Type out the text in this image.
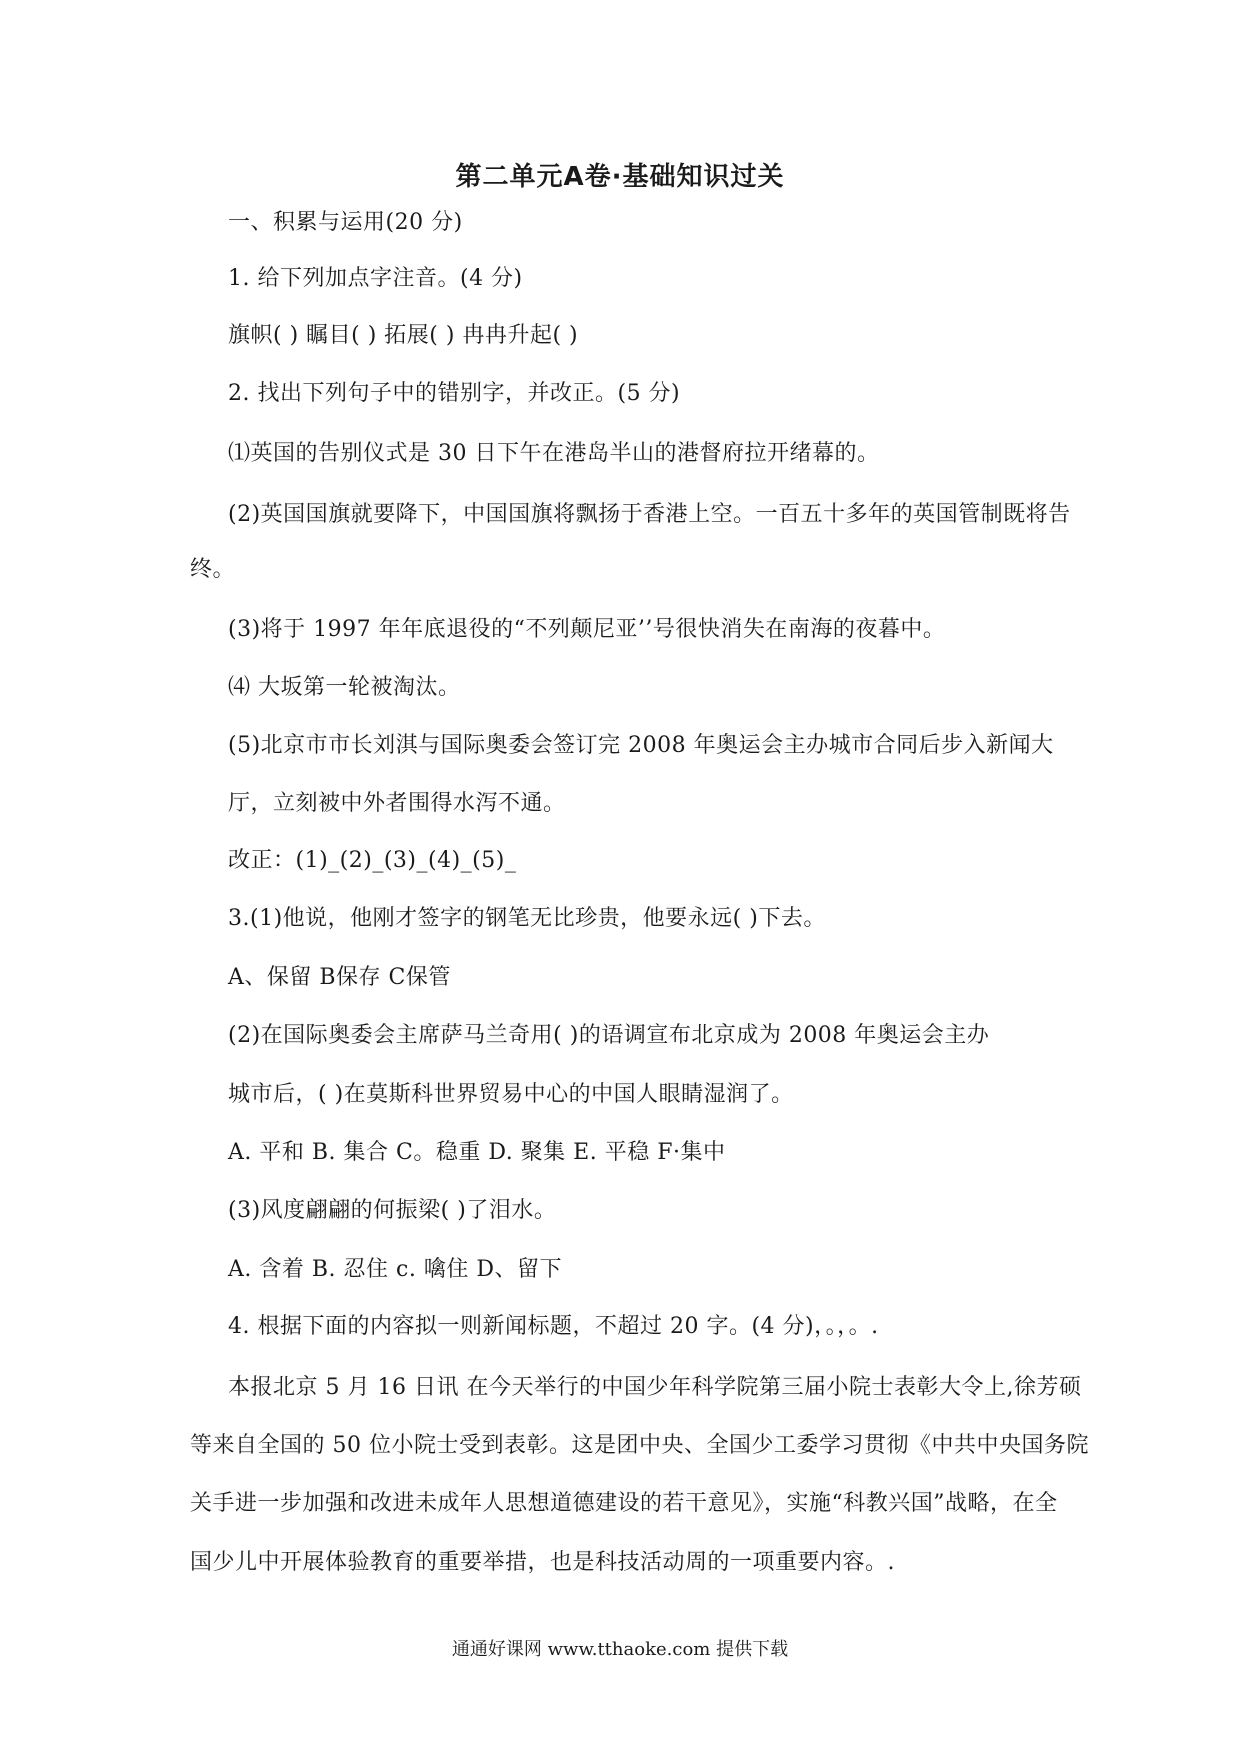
第二单元A卷·基础知识过关
一、积累与运用(20 分)
1. 给下列加点字注音。(4 分)
旗帜( ) 瞩目( ) 拓展( ) 冉冉升起( )
2. 找出下列句子中的错别字，并改正。(5 分)
⑴英国的告别仪式是 30 日下午在港岛半山的港督府拉开绪幕的。
(2)英国国旗就要降下，中国国旗将飘扬于香港上空。一百五十多年的英国管制既将告
终。
(3)将于 1997 年年底退役的“不列颠尼亚’’号很快消失在南海的夜暮中。
⑷ 大坂第一轮被淘汰。
(5)北京市市长刘淇与国际奥委会签订完 2008 年奥运会主办城市合同后步入新闻大
厅，立刻被中外者围得水泻不通。
改正：(1)_(2)_(3)_(4)_(5)_
3.(1)他说，他刚才签字的钢笔无比珍贵，他要永远( )下去。
A、保留 B保存 C保管
(2)在国际奥委会主席萨马兰奇用( )的语调宣布北京成为 2008 年奥运会主办
城市后，( )在莫斯科世界贸易中心的中国人眼睛湿润了。
A. 平和 B. 集合 C。稳重 D. 聚集 E. 平稳 F·集中
(3)风度翩翩的何振梁( )了泪水。
A. 含着 B. 忍住 c. 噙住 D、留下
4. 根据下面的内容拟一则新闻标题，不超过 20 字。(4 分)，。，。.
本报北京 5 月 16 日讯 在今天举行的中国少年科学院第三届小院士表彰大令上,徐芳硕
等来自全国的 50 位小院士受到表彰。这是团中央、全国少工委学习贯彻《中共中央国务院
关手进一步加强和改进未成年人思想道德建设的若干意见》，实施“科教兴国”战略，在全
国少儿中开展体验教育的重要举措，也是科技活动周的一项重要内容。.
通通好课网 www.tthaoke.com 提供下载
